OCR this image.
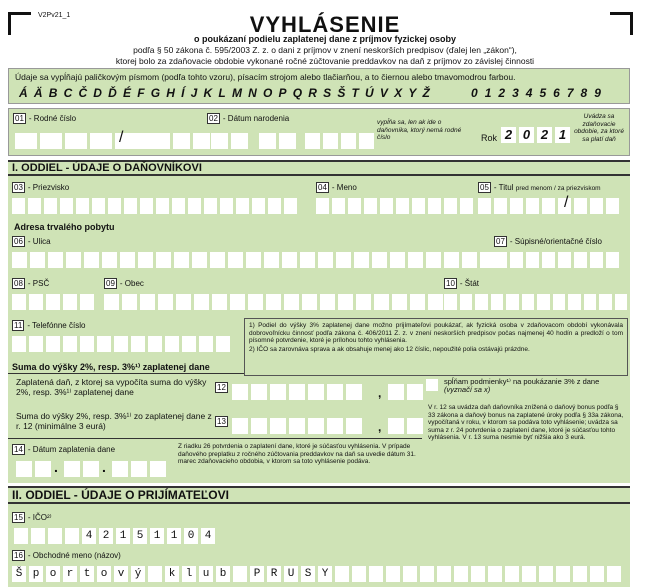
V2Pv21_1	VYHLÁSENIE
o poukázaní podielu zaplatenej dane z príjmov fyzickej osoby
podľa § 50 zákona č. 595/2003 Z. z. o dani z príjmov v znení neskorších predpisov (ďalej len „zákon“),
ktorej bolo za zdaňovacie obdobie vykonané ročné zúčtovanie preddavkov na daň z príjmov zo závislej činnosti
Údaje sa vypĺňajú paličkovým písmom (podľa tohto vzoru), písacím strojom alebo tlačiarňou, a to čiernou alebo tmavomodrou farbou.
Á Ä B C Č D Ď É F G H Í J K L M N O P Q R S Š T Ú V X Y Ž	0 1 2 3 4 5 6 7 8 9
01 - Rodné číslo
/
02 - Dátum narodenia	vypĺňa sa, len ak ide o daňovníka, ktorý nemá rodné číslo	Rok 2 0 2 1
Uvádza sa zdaňovacie obdobie, za ktoré sa platí daň
I. ODDIEL - ÚDAJE O DAŇOVNÍKOVI
03 - Priezvisko	04 - Meno	05 - Titul pred menom / za priezviskom
/
Adresa trvalého pobytu
06 - Ulica	07 - Súpisné/orientačné číslo
08 - PSČ	09 - Obec	10 - Štát
11 - Telefónne číslo	1) Podiel do výšky 3% zaplatenej dane možno prijímateľovi poukázať, ak fyzická osoba v zdaňovacom období vykonávala dobrovoľnícku činnosť podľa zákona č. 406/2011 Z. z. v znení neskorších predpisov počas najmenej 40 hodín a predloží o tom písomné potvrdenie, ktoré je prílohou tohto vyhlásenia.
2) IČO sa zarovnáva sprava a ak obsahuje menej ako 12 číslic, nepoužité polia ostávajú prázdne.
Suma do výšky 2%, resp. 3%¹⁾ zaplatenej dane
Zaplatená daň, z ktorej sa vypočíta suma do výšky 2%, resp. 3%¹⁾ zaplatenej dane	12	,
spĺňam podmienky¹⁾ na poukázanie 3% z dane (vyznačí sa x)
Suma do výšky 2%, resp. 3%¹⁾ zo zaplatenej dane z r. 12 (minimálne 3 eurá)	13	,
V r. 12 sa uvádza daň daňovníka znížená o daňový bonus podľa § 33 zákona a daňový bonus na zaplatené úroky podľa § 33a zákona, vypočítaná v roku, v ktorom sa podáva toto vyhlásenie; uvádza sa suma z r. 24 potvrdenia o zaplatení dane, ktoré je súčasťou tohto vyhlásenia. V r. 13 suma nesmie byť nižšia ako 3 eurá.
14 - Dátum zaplatenia dane
.	.
Z riadku 26 potvrdenia o zaplatení dane, ktoré je súčasťou vyhlásenia. V prípade daňového preplatku z ročného zúčtovania preddavkov na daň sa uvedie dátum 31. marec zdaňovacieho obdobia, v ktorom sa toto vyhlásenie podáva.
II. ODDIEL - ÚDAJE O PRIJÍMATEĽOVI
15 - IČO²⁾
4 2 1 5 1 1 0 4
16 - Obchodné meno (názov)
Š p o r t o v ý	k l u b	P R U S Y
